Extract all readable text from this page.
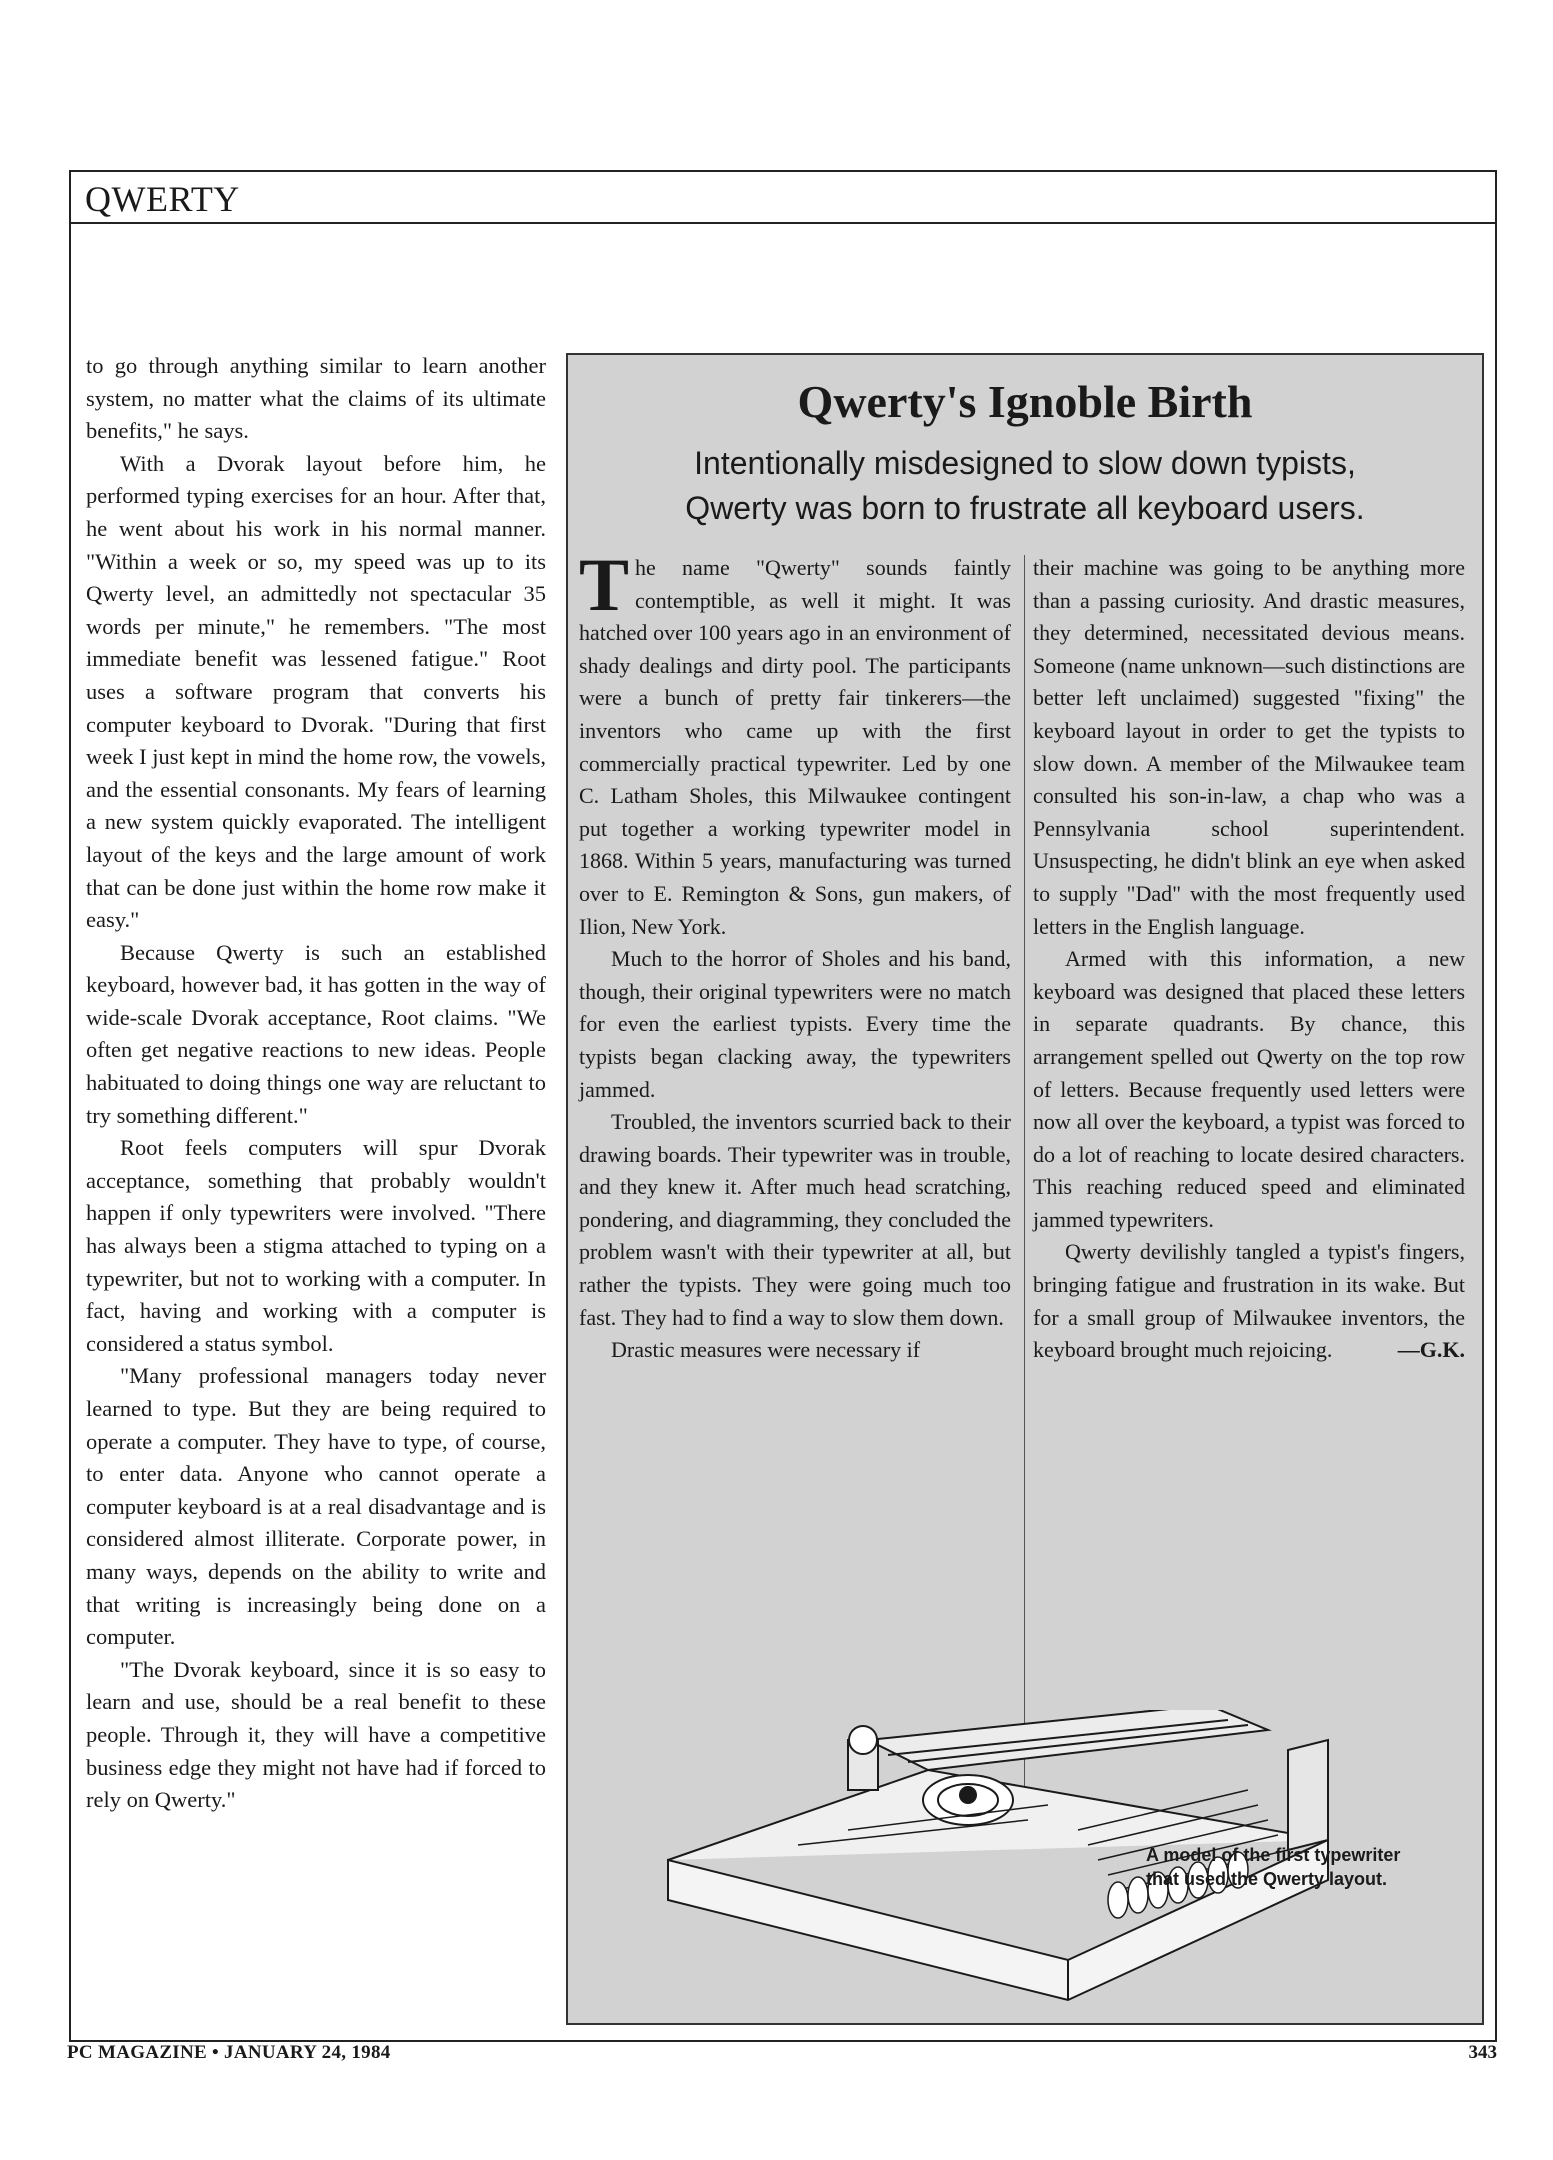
QWERTY

to go through anything similar to learn another system, no matter what the claims of its ultimate benefits," he says.

With a Dvorak layout before him, he performed typing exercises for an hour. After that, he went about his work in his normal manner. "Within a week or so, my speed was up to its Qwerty level, an admittedly not spectacular 35 words per minute," he remembers. "The most immediate benefit was lessened fatigue." Root uses a software program that converts his computer keyboard to Dvorak. "During that first week I just kept in mind the home row, the vowels, and the essential consonants. My fears of learning a new system quickly evaporated. The intelligent layout of the keys and the large amount of work that can be done just within the home row make it easy."

Because Qwerty is such an established keyboard, however bad, it has gotten in the way of wide-scale Dvorak acceptance, Root claims. "We often get negative reactions to new ideas. People habituated to doing things one way are reluctant to try something different."

Root feels computers will spur Dvorak acceptance, something that probably wouldn't happen if only typewriters were involved. "There has always been a stigma attached to typing on a typewriter, but not to working with a computer. In fact, having and working with a computer is considered a status symbol.

"Many professional managers today never learned to type. But they are being required to operate a computer. They have to type, of course, to enter data. Anyone who cannot operate a computer keyboard is at a real disadvantage and is considered almost illiterate. Corporate power, in many ways, depends on the ability to write and that writing is increasingly being done on a computer.

"The Dvorak keyboard, since it is so easy to learn and use, should be a real benefit to these people. Through it, they will have a competitive business edge they might not have had if forced to rely on Qwerty."

Qwerty's Ignoble Birth
Intentionally misdesigned to slow down typists,
Qwerty was born to frustrate all keyboard users.

The name "Qwerty" sounds faintly contemptible, as well it might. It was hatched over 100 years ago in an environment of shady dealings and dirty pool. The participants were a bunch of pretty fair tinkerers—the inventors who came up with the first commercially practical typewriter. Led by one C. Latham Sholes, this Milwaukee contingent put together a working typewriter model in 1868. Within 5 years, manufacturing was turned over to E. Remington & Sons, gun makers, of Ilion, New York.

Much to the horror of Sholes and his band, though, their original typewriters were no match for even the earliest typists. Every time the typists began clacking away, the typewriters jammed.

Troubled, the inventors scurried back to their drawing boards. Their typewriter was in trouble, and they knew it. After much head scratching, pondering, and diagramming, they concluded the problem wasn't with their typewriter at all, but rather the typists. They were going much too fast. They had to find a way to slow them down.

Drastic measures were necessary if

their machine was going to be anything more than a passing curiosity. And drastic measures, they determined, necessitated devious means. Someone (name unknown—such distinctions are better left unclaimed) suggested "fixing" the keyboard layout in order to get the typists to slow down. A member of the Milwaukee team consulted his son-in-law, a chap who was a Pennsylvania school superintendent. Unsuspecting, he didn't blink an eye when asked to supply "Dad" with the most frequently used letters in the English language.

Armed with this information, a new keyboard was designed that placed these letters in separate quadrants. By chance, this arrangement spelled out Qwerty on the top row of letters. Because frequently used letters were now all over the keyboard, a typist was forced to do a lot of reaching to locate desired characters. This reaching reduced speed and eliminated jammed typewriters.

Qwerty devilishly tangled a typist's fingers, bringing fatigue and frustration in its wake. But for a small group of Milwaukee inventors, the keyboard brought much rejoicing.	—G.K.

A model of the first typewriter
that used the Qwerty layout.
PC MAGAZINE • JANUARY 24, 1984	343
